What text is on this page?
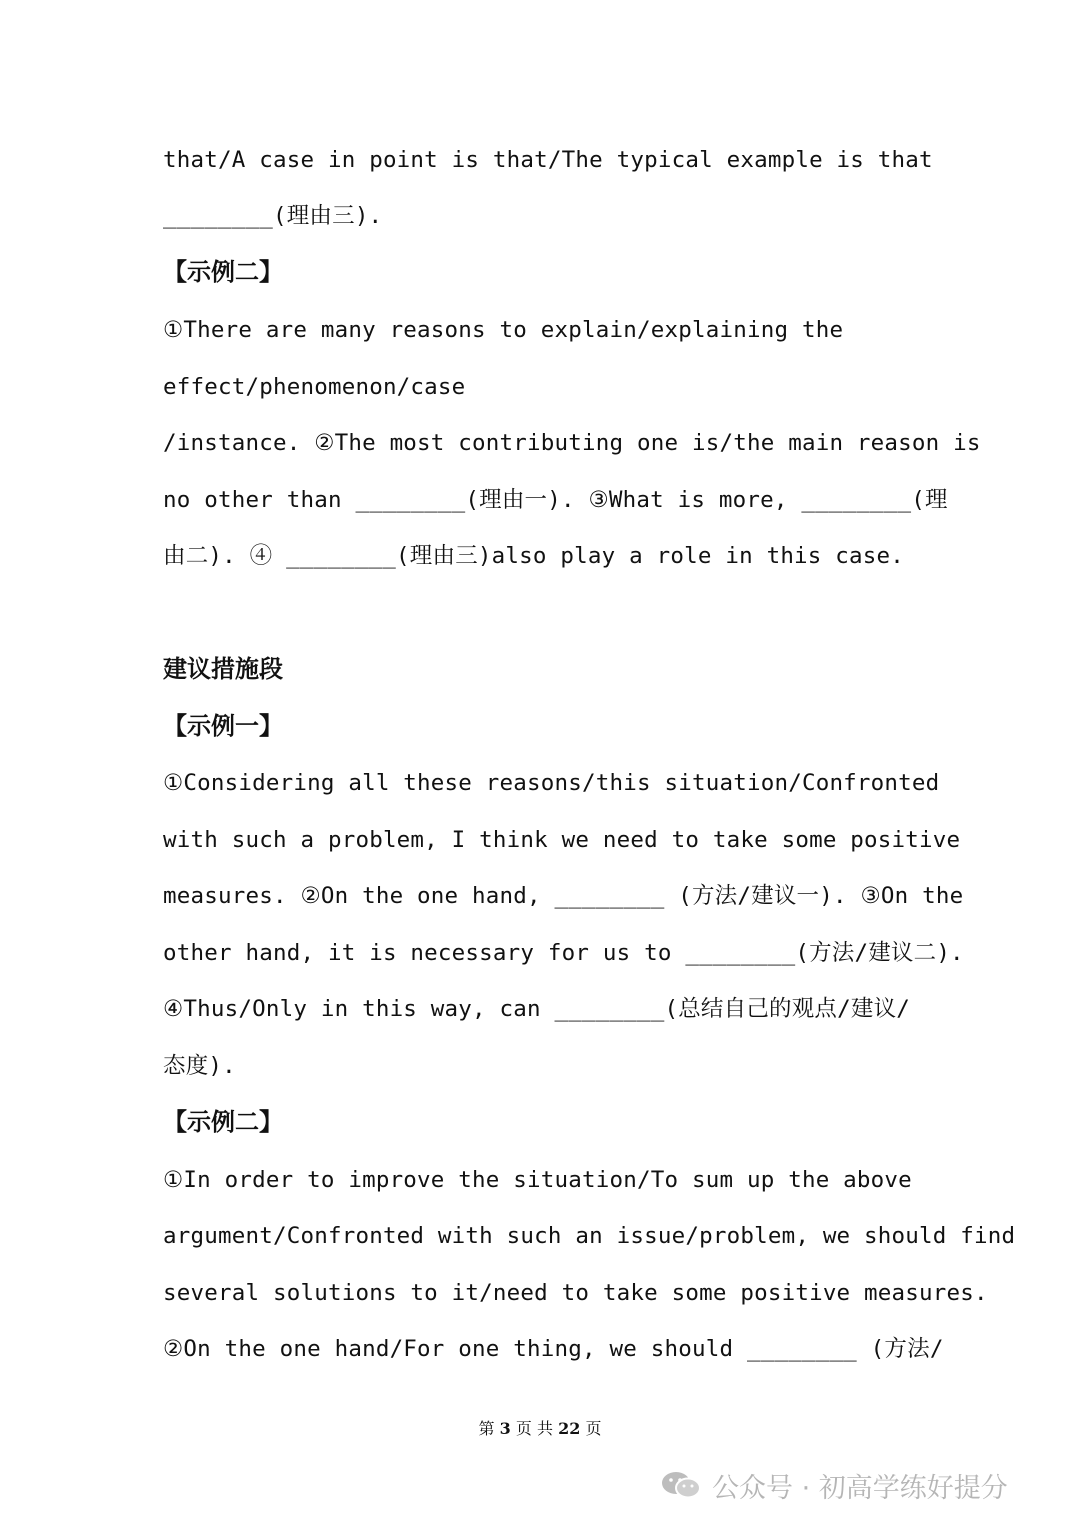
that/A case in point is that/The typical example is that
________(理由三).
【示例二】
①There are many reasons to explain/explaining the
effect/phenomenon/case
/instance. ②The most contributing one is/the main reason is
no other than ________(理由一). ③What is more, ________(理
由二). ④ ________(理由三)also play a role in this case.
建议措施段
【示例一】
①Considering all these reasons/this situation/Confronted
with such a problem, I think we need to take some positive
measures. ②On the one hand, ________ (方法/建议一). ③On the
other hand, it is necessary for us to ________(方法/建议二).
④Thus/Only in this way, can ________(总结自己的观点/建议/
态度).
【示例二】
①In order to improve the situation/To sum up the above
argument/Confronted with such an issue/problem, we should find
several solutions to it/need to take some positive measures.
②On the one hand/For one thing, we should ________ (方法/
第 3 页 共 22 页
公众号 · 初高学练好提分
